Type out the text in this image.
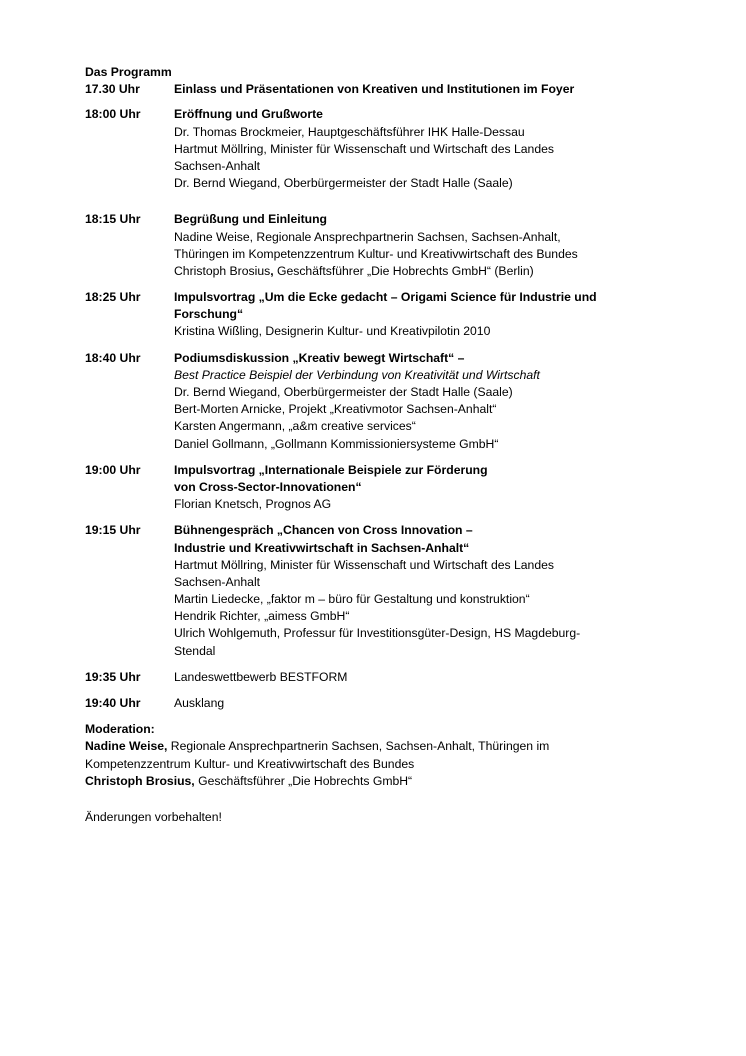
Das Programm
17.30 Uhr	Einlass und Präsentationen von Kreativen und Institutionen im Foyer
18:00 Uhr	Eröffnung und Grußworte
Dr. Thomas Brockmeier, Hauptgeschäftsführer IHK Halle-Dessau
Hartmut Möllring, Minister für Wissenschaft und Wirtschaft des Landes
Sachsen-Anhalt
Dr. Bernd Wiegand, Oberbürgermeister der Stadt Halle (Saale)
18:15 Uhr	Begrüßung und Einleitung
Nadine Weise, Regionale Ansprechpartnerin Sachsen, Sachsen-Anhalt,
Thüringen im Kompetenzzentrum Kultur- und Kreativwirtschaft des Bundes
Christoph Brosius, Geschäftsführer „Die Hobrechts GmbH“ (Berlin)
18:25 Uhr	Impulsvortrag „Um die Ecke gedacht – Origami Science für Industrie und
Forschung“
Kristina Wißling, Designerin Kultur- und Kreativpilotin 2010
18:40 Uhr	Podiumsdiskussion „Kreativ bewegt Wirtschaft“ –
Best Practice Beispiel der Verbindung von Kreativität und Wirtschaft
Dr. Bernd Wiegand, Oberbürgermeister der Stadt Halle (Saale)
Bert-Morten Arnicke, Projekt „Kreativmotor Sachsen-Anhalt“
Karsten Angermann, „a&m creative services“
Daniel Gollmann, „Gollmann Kommissioniersysteme GmbH“
19:00 Uhr	Impulsvortrag „Internationale Beispiele zur Förderung
von Cross-Sector-Innovationen“
Florian Knetsch, Prognos AG
19:15 Uhr	Bühnengespräch „Chancen von Cross Innovation –
Industrie und Kreativwirtschaft in Sachsen-Anhalt“
Hartmut Möllring, Minister für Wissenschaft und Wirtschaft des Landes
Sachsen-Anhalt
Martin Liedecke, „faktor m – büro für Gestaltung und konstruktion“
Hendrik Richter, „aimess GmbH“
Ulrich Wohlgemuth, Professur für Investitionsgüter-Design, HS Magdeburg-
Stendal
19:35 Uhr	Landeswettbewerb BESTFORM
19:40 Uhr	Ausklang
Moderation:
Nadine Weise, Regionale Ansprechpartnerin Sachsen, Sachsen-Anhalt, Thüringen im
Kompetenzzentrum Kultur- und Kreativwirtschaft des Bundes
Christoph Brosius, Geschäftsführer „Die Hobrechts GmbH“
Änderungen vorbehalten!
